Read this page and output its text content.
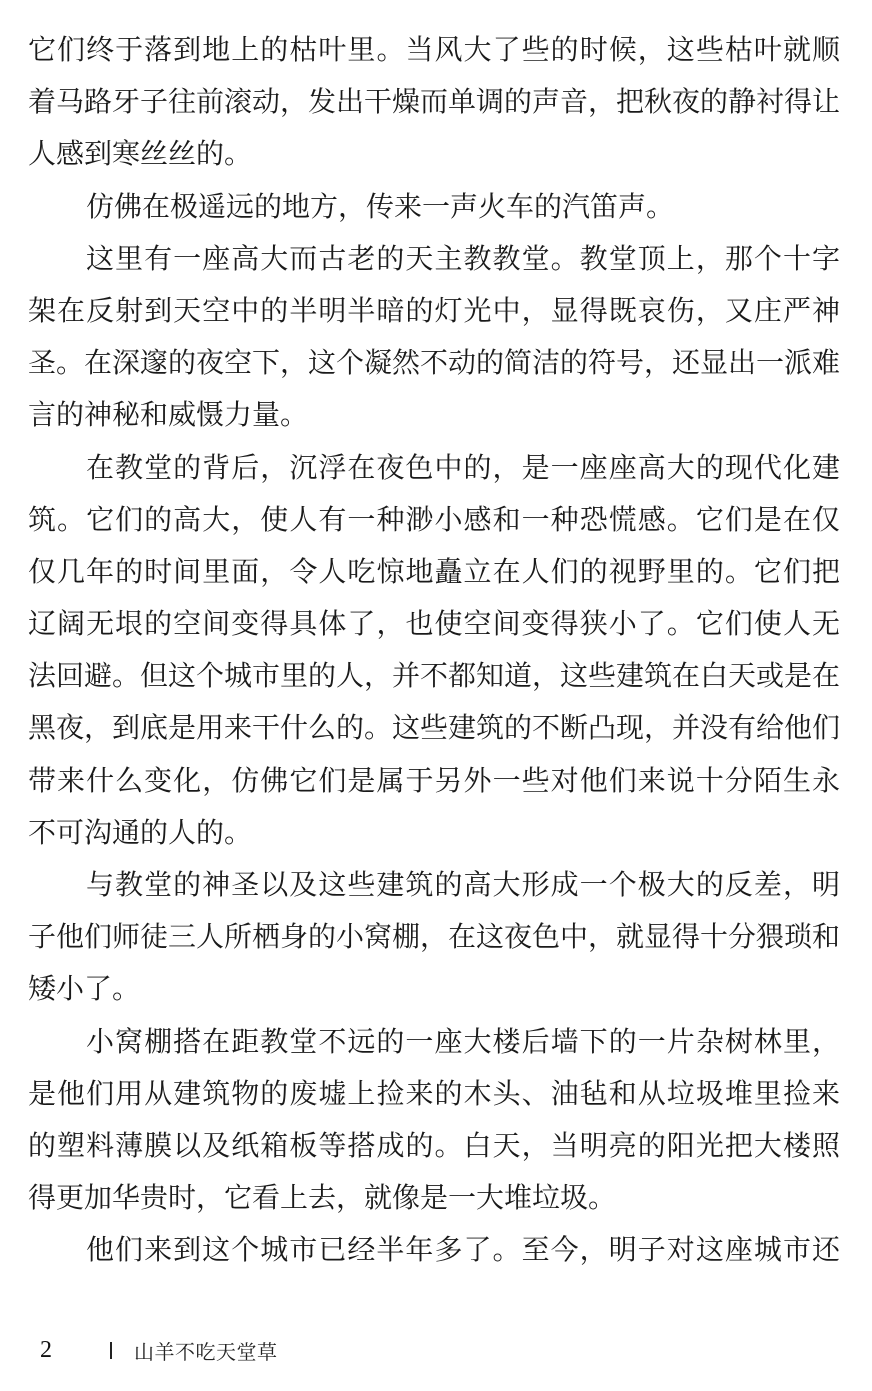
它们终于落到地上的枯叶里。当风大了些的时候，这些枯叶就顺
着马路牙子往前滚动，发出干燥而单调的声音，把秋夜的静衬得让
人感到寒丝丝的。
仿佛在极遥远的地方，传来一声火车的汽笛声。
这里有一座高大而古老的天主教教堂。教堂顶上，那个十字
架在反射到天空中的半明半暗的灯光中，显得既哀伤，又庄严神
圣。在深邃的夜空下，这个凝然不动的简洁的符号，还显出一派难
言的神秘和威慑力量。
在教堂的背后，沉浮在夜色中的，是一座座高大的现代化建
筑。它们的高大，使人有一种渺小感和一种恐慌感。它们是在仅
仅几年的时间里面，令人吃惊地矗立在人们的视野里的。它们把
辽阔无垠的空间变得具体了，也使空间变得狭小了。它们使人无
法回避。但这个城市里的人，并不都知道，这些建筑在白天或是在
黑夜，到底是用来干什么的。这些建筑的不断凸现，并没有给他们
带来什么变化，仿佛它们是属于另外一些对他们来说十分陌生永
不可沟通的人的。
与教堂的神圣以及这些建筑的高大形成一个极大的反差，明
子他们师徒三人所栖身的小窝棚，在这夜色中，就显得十分猥琐和
矮小了。
小窝棚搭在距教堂不远的一座大楼后墙下的一片杂树林里，
是他们用从建筑物的废墟上捡来的木头、油毡和从垃圾堆里捡来
的塑料薄膜以及纸箱板等搭成的。白天，当明亮的阳光把大楼照
得更加华贵时，它看上去，就像是一大堆垃圾。
他们来到这个城市已经半年多了。至今，明子对这座城市还
2	山羊不吃天堂草
